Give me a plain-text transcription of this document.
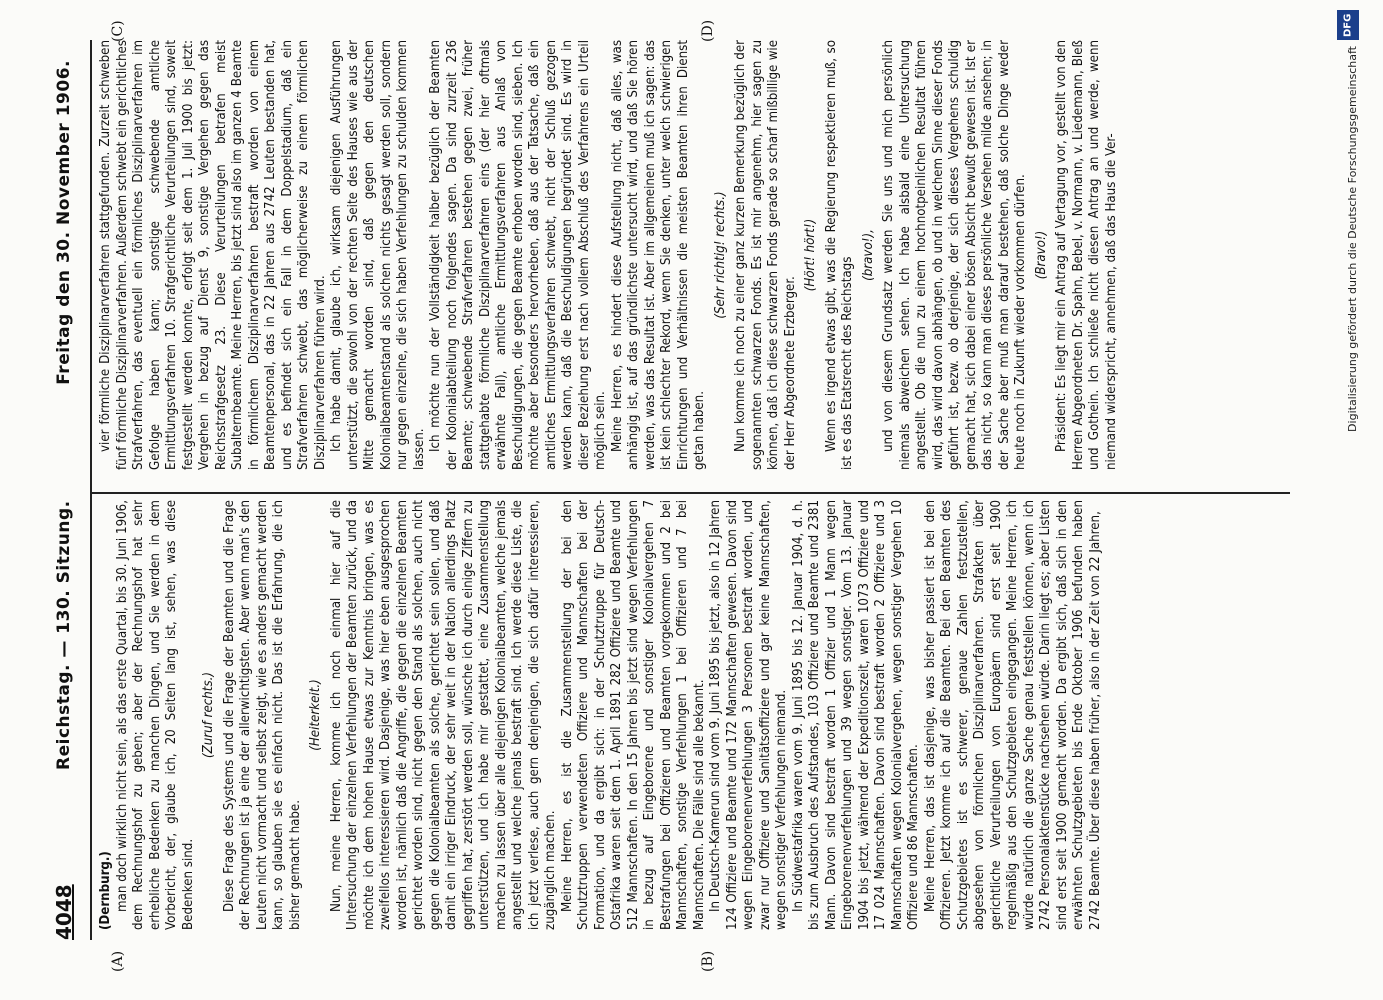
4048
Reichstag. — 130. Sitzung.
Freitag den 30. November 1906.
(A)	(B)
(C)	(D)

(Dernburg.) man doch wirklich nicht sein, als das erste Quartal, bis 30. Juni 1906, dem Rechnungshof zu geben; aber der Rechnungshof hat sehr erhebliche Bedenken zu manchen Dingen, und Sie werden in dem Vorbericht, der, glaube ich, 20 Seiten lang ist, sehen, was diese Bedenken sind.

(Zuruf rechts.) Diese Frage des Systems und die Frage der Beamten und die Frage der Rechnungen ist ja eine der allerwichtigsten. Aber wenn man's den Leuten nicht vormacht und selbst zeigt, wie es anders gemacht werden kann, so glauben sie es einfach nicht. Das ist die Erfahrung, die ich bisher gemacht habe.

(Heiterkeit.) Nun, meine Herren, komme ich noch einmal hier auf die Untersuchung der einzelnen Verfehlungen der Beamten zurück, und da möchte ich dem hohen Hause etwas zur Kenntnis bringen, was es zweifellos interessieren wird. Dasjenige, was hier eben ausgesprochen worden ist, nämlich daß die Angriffe, die gegen die einzelnen Beamten gerichtet worden sind, nicht gegen den Stand als solchen, auch nicht gegen die Kolonialbeamten als solche, gerichtet sein sollen, und daß damit ein irriger Eindruck, der sehr weit in der Nation allerdings Platz gegriffen hat, zerstört werden soll, wünsche ich durch einige Ziffern zu unterstützen, und ich habe mir gestattet, eine Zusammenstellung machen zu lassen über alle diejenigen Kolonialbeamten, welche jemals angestellt und welche jemals bestraft sind. Ich werde diese Liste, die ich jetzt verlese, auch gern denjenigen, die sich dafür interessieren, zugänglich machen. Meine Herren, es ist die Zusammenstellung der bei den Schutztruppen verwendeten Offiziere und Mannschaften bei der Formation, und da ergibt sich: in der Schutztruppe für Deutsch-Ostafrika waren seit dem 1. April 1891 282 Offiziere und Beamte und 512 Mannschaften. In den 15 Jahren bis jetzt sind wegen Verfehlungen in bezug auf Eingeborene und sonstiger Kolonialvergehen 7 Bestrafungen bei Offizieren und Beamten vorgekommen und 2 bei Mannschaften, sonstige Verfehlungen 1 bei Offizieren und 7 bei Mannschaften. Die Fälle sind alle bekannt. In Deutsch-Kamerun sind vom 9. Juni 1895 bis jetzt, also in 12 Jahren 124 Offiziere und Beamte und 172 Mannschaften gewesen. Davon sind wegen Eingeborenenverfehlungen 3 Personen bestraft worden, und zwar nur Offiziere und Sanitätsoffiziere und gar keine Mannschaften, wegen sonstiger Verfehlungen niemand. In Südwestafrika waren vom 9. Juni 1895 bis 12. Januar 1904, d. h. bis zum Ausbruch des Aufstandes, 103 Offiziere und Beamte und 2381 Mann. Davon sind bestraft worden 1 Offizier und 1 Mann wegen Eingeborenenverfehlungen und 39 wegen sonstiger. Vom 13. Januar 1904 bis jetzt, während der Expeditionszeit, waren 1073 Offiziere und 17 024 Mannschaften. Davon sind bestraft worden 2 Offiziere und 3 Mannschaften wegen Kolonialvergehen, wegen sonstiger Vergehen 10 Offiziere und 86 Mannschaften. Meine Herren, das ist dasjenige, was bisher passiert ist bei den Offizieren. Jetzt komme ich auf die Beamten. Bei den Beamten des Schutzgebietes ist es schwerer, genaue Zahlen festzustellen, abgesehen von förmlichen Disziplinarverfahren. Strafakten über gerichtliche Verurteilungen von Europäern sind erst seit 1900 regelmäßig aus den Schutzgebieten eingegangen. Meine Herren, ich würde natürlich die ganze Sache genau feststellen können, wenn ich 2742 Personalaktenstücke nachsehen würde. Darin liegt es; aber Listen sind erst seit 1900 gemacht worden. Da ergibt sich, daß sich in den erwähnten Schutzgebieten bis Ende Oktober 1906 befunden haben 2742 Beamte. Über diese haben früher, also in der Zeit von 22 Jahren,

vier förmliche Disziplinarverfahren stattgefunden. Zurzeit schweben fünf förmliche Disziplinarverfahren. Außerdem schwebt ein gerichtliches Strafverfahren, das eventuell ein förmliches Disziplinarverfahren im Gefolge haben kann; sonstige schwebende amtliche Ermittlungsverfahren 10. Strafgerichtliche Verurteilungen sind, soweit festgestellt werden konnte, erfolgt seit dem 1. Juli 1900 bis jetzt: Vergehen in bezug auf Dienst 9, sonstige Vergehen gegen das Reichsstrafgesetz 23. Diese Verurteilungen betrafen meist Subalternbeamte. Meine Herren, bis jetzt sind also im ganzen 4 Beamte in förmlichem Disziplinarverfahren bestraft worden von einem Beamtenpersonal, das in 22 Jahren aus 2742 Leuten bestanden hat, und es befindet sich ein Fall in dem Doppelstadium, daß ein Strafverfahren schwebt, das möglicherweise zu einem förmlichen Disziplinarverfahren führen wird. Ich habe damit, glaube ich, wirksam diejenigen Ausführungen unterstützt, die sowohl von der rechten Seite des Hauses wie aus der Mitte gemacht worden sind, daß gegen den deutschen Kolonialbeamtenstand als solchen nichts gesagt werden soll, sondern nur gegen einzelne, die sich haben Verfehlungen zu schulden kommen lassen. Ich möchte nun der Vollständigkeit halber bezüglich der Beamten der Kolonialabteilung noch folgendes sagen. Da sind zurzeit 236 Beamte; schwebende Strafverfahren bestehen gegen zwei, früher stattgehabte förmliche Disziplinarverfahren eins (der hier oftmals erwähnte Fall), amtliche Ermittlungsverfahren aus Anlaß von Beschuldigungen, die gegen Beamte erhoben worden sind, sieben. Ich möchte aber besonders hervorheben, daß aus der Tatsache, daß ein amtliches Ermittlungsverfahren schwebt, nicht der Schluß gezogen werden kann, daß die Beschuldigungen begründet sind. Es wird in dieser Beziehung erst nach vollem Abschluß des Verfahrens ein Urteil möglich sein. Meine Herren, es hindert diese Aufstellung nicht, daß alles, was anhängig ist, auf das gründlichste untersucht wird, und daß Sie hören werden, was das Resultat ist. Aber im allgemeinen muß ich sagen: das ist kein schlechter Rekord, wenn Sie denken, unter welch schwierigen Einrichtungen und Verhältnissen die meisten Beamten ihren Dienst getan haben.

(Sehr richtig! rechts.) Nun komme ich noch zu einer ganz kurzen Bemerkung bezüglich der sogenannten schwarzen Fonds. Es ist mir angenehm, hier sagen zu können, daß ich diese schwarzen Fonds gerade so scharf mißbillige wie der Herr Abgeordnete Erzberger.

(Hört! hört!) Wenn es irgend etwas gibt, was die Regierung respektieren muß, so ist es das Etatsrecht des Reichstags

(bravo!), und von diesem Grundsatz werden Sie uns und mich persönlich niemals abweichen sehen. Ich habe alsbald eine Untersuchung angestellt. Ob die nun zu einem hochnotpeinlichen Resultat führen wird, das wird davon abhängen, ob und in welchem Sinne dieser Fonds geführt ist, bezw. ob derjenige, der sich dieses Vergehens schuldig gemacht hat, sich dabei einer bösen Absicht bewußt gewesen ist. Ist er das nicht, so kann man dieses persönliche Versehen milde ansehen; in der Sache aber muß man darauf bestehen, daß solche Dinge weder heute noch in Zukunft wieder vorkommen dürfen. (Bravo!) Präsident: Es liegt mir ein Antrag auf Vertagung vor, gestellt von den Herren Abgeordneten Dr. Spahn, Bebel, v. Normann, v. Liedemann, Bleß und Gothein. Ich schließe nicht diesen Antrag an und werde, wenn niemand widerspricht, annehmen, daß das Haus die Ver-

DFG
Digitalisierung gefördert durch die Deutsche Forschungsgemeinschaft
